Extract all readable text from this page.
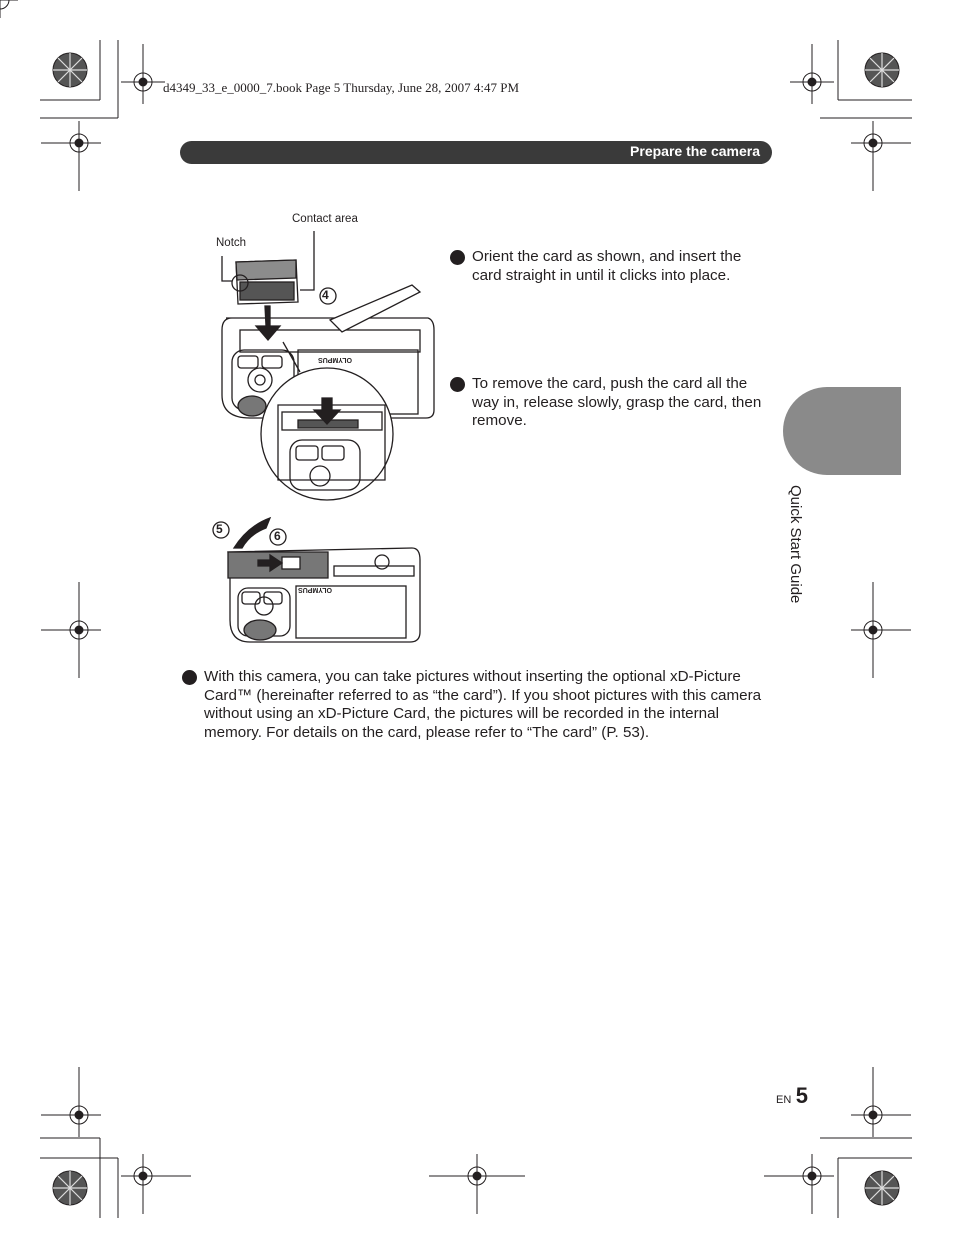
d4349_33_e_0000_7.book Page 5 Thursday, June 28, 2007 4:47 PM
Prepare the camera
Contact area
Notch
OLYMPUS
4
OLYMPUS
5	6
Orient the card as shown, and insert the card straight in until it clicks into place.
To remove the card, push the card all the way in, release slowly, grasp the card, then remove.
With this camera, you can take pictures without inserting the optional xD-Picture Card™ (hereinafter referred to as “the card”). If you shoot pictures with this camera without using an xD-Picture Card, the pictures will be recorded in the internal memory. For details on the card, please refer to “The card” (P. 53).
Quick Start Guide
EN 5
